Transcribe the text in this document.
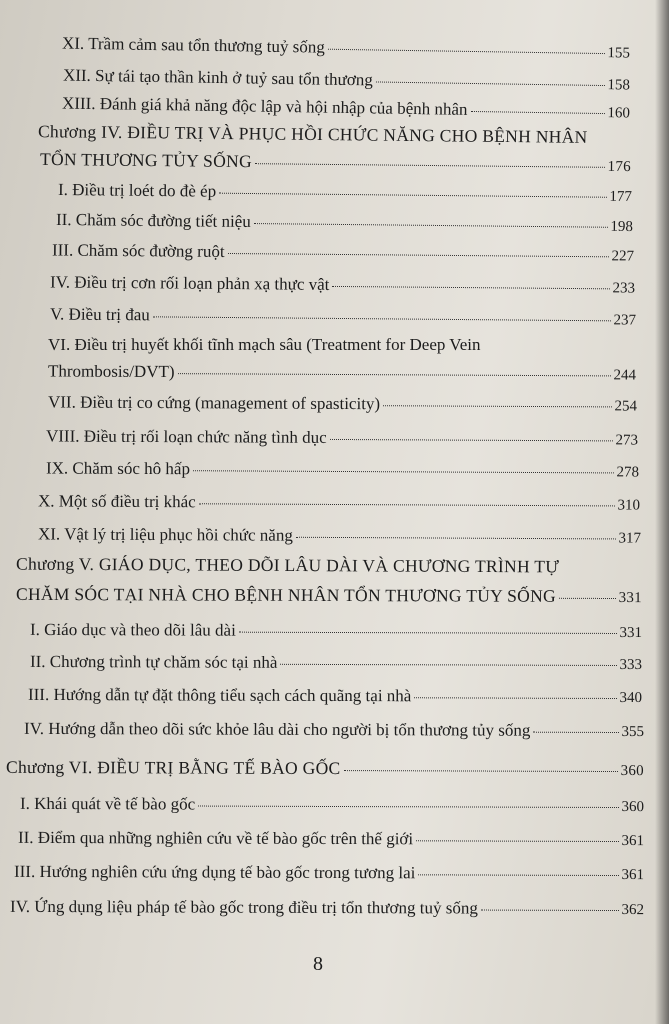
XI. Trầm cảm sau tổn thương tuỷ sống	155
XII. Sự tái tạo thần kinh ở tuỷ sau tổn thương	158
XIII. Đánh giá khả năng độc lập và hội nhập của bệnh nhân	160
Chương IV. ĐIỀU TRỊ VÀ PHỤC HỒI CHỨC NĂNG CHO BỆNH NHÂN
TỔN THƯƠNG TỦY SỐNG	176
I. Điều trị loét do đè ép	177
II. Chăm sóc đường tiết niệu	198
III. Chăm sóc đường ruột	227
IV. Điều trị cơn rối loạn phản xạ thực vật	233
V. Điều trị đau	237
VI. Điều trị huyết khối tĩnh mạch sâu (Treatment for Deep Vein
Thrombosis/DVT)	244
VII. Điều trị co cứng (management of spasticity)	254
VIII. Điều trị rối loạn chức năng tình dục	273
IX. Chăm sóc hô hấp	278
X. Một số điều trị khác	310
XI. Vật lý trị liệu phục hồi chức năng	317
Chương V. GIÁO DỤC, THEO DÕI LÂU DÀI VÀ CHƯƠNG TRÌNH TỰ
CHĂM SÓC TẠI NHÀ CHO BỆNH NHÂN TỔN THƯƠNG TỦY SỐNG	331
I. Giáo dục và theo dõi lâu dài	331
II. Chương trình tự chăm sóc tại nhà	333
III. Hướng dẫn tự đặt thông tiểu sạch cách quãng tại nhà	340
IV. Hướng dẫn theo dõi sức khỏe lâu dài cho người bị tổn thương tủy sống	355
Chương VI. ĐIỀU TRỊ BẰNG TẾ BÀO GỐC	360
I. Khái quát về tế bào gốc	360
II. Điểm qua những nghiên cứu về tế bào gốc trên thế giới	361
III. Hướng nghiên cứu ứng dụng tế bào gốc trong tương lai	361
IV. Ứng dụng liệu pháp tế bào gốc trong điều trị tổn thương tuỷ sống	362
8
